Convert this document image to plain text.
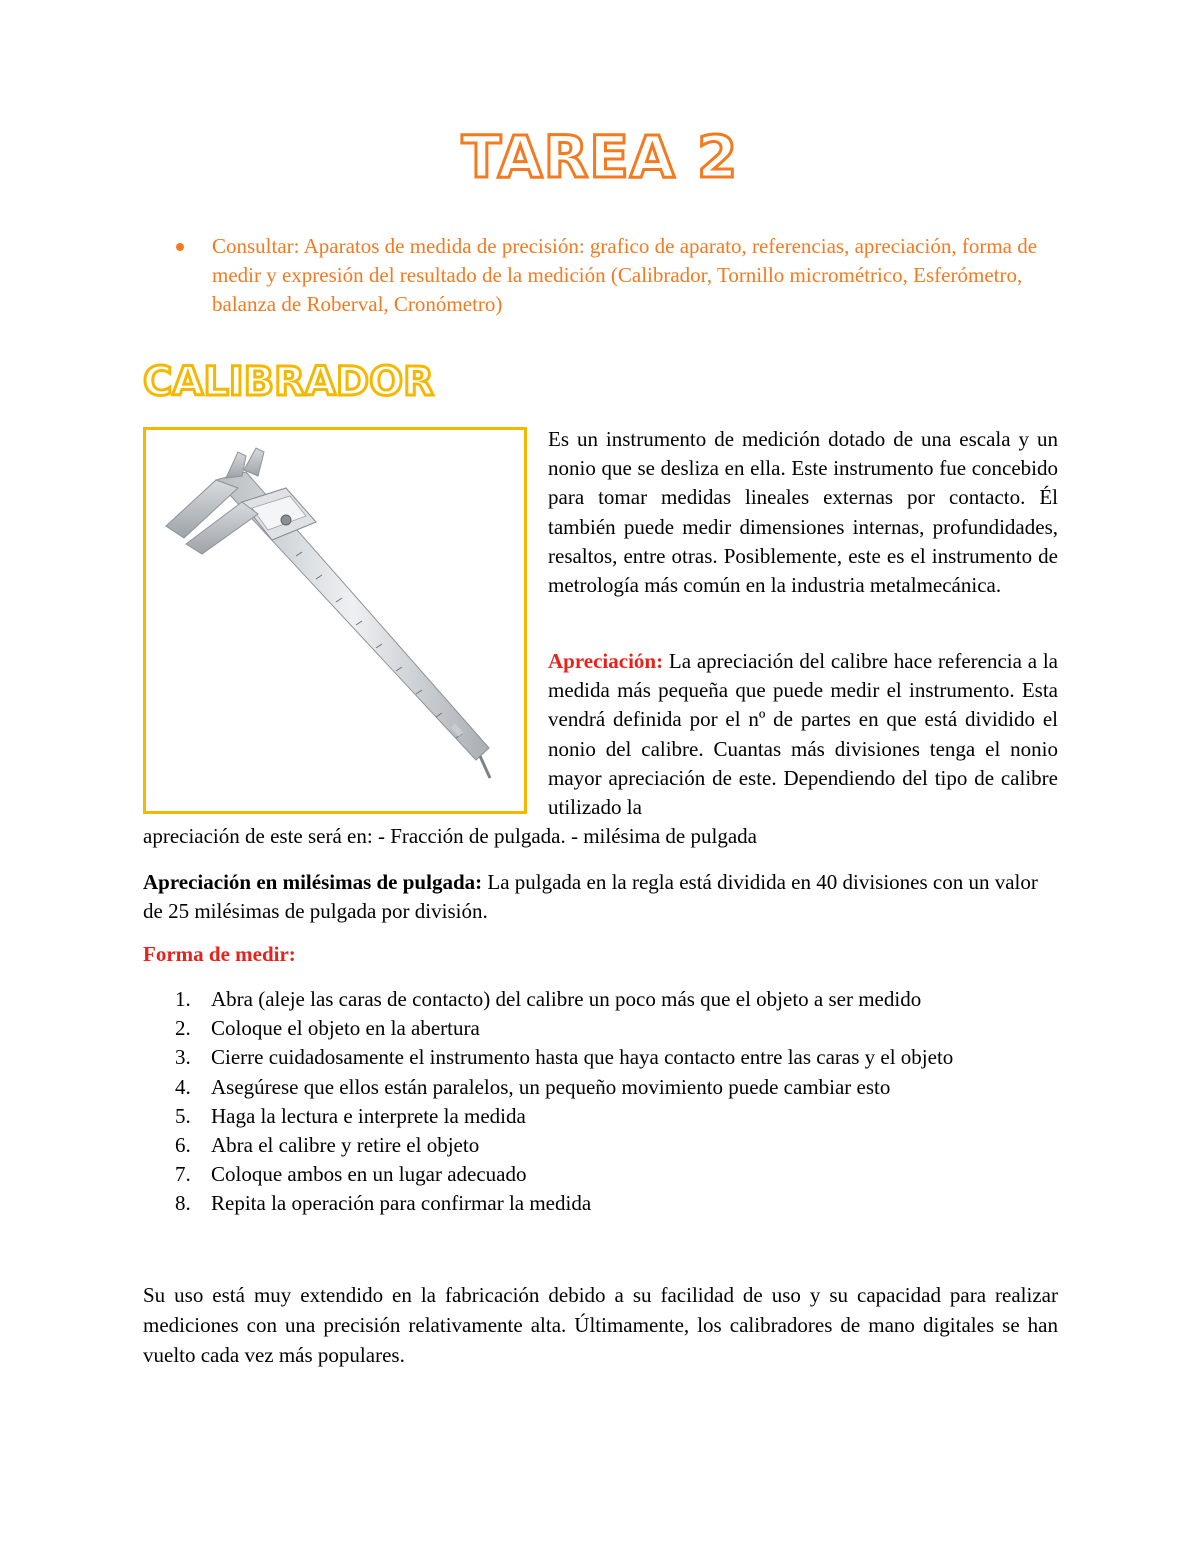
TAREA 2

Consultar: Aparatos de medida de precisión: grafico de aparato, referencias, apreciación, forma de medir y expresión del resultado de la medición (Calibrador, Tornillo micrométrico, Esferómetro, balanza de Roberval, Cronómetro)

CALIBRADOR

Es un instrumento de medición dotado de una escala y un nonio que se desliza en ella. Este instrumento fue concebido para tomar medidas lineales externas por contacto. Él también puede medir dimensiones internas, profundidades, resaltos, entre otras. Posiblemente, este es el instrumento de metrología más común en la industria metalmecánica.

Apreciación: La apreciación del calibre hace referencia a la medida más pequeña que puede medir el instrumento. Esta vendrá definida por el nº de partes en que está dividido el nonio del calibre. Cuantas más divisiones tenga el nonio mayor apreciación de este. Dependiendo del tipo de calibre utilizado la

apreciación de este será en: - Fracción de pulgada. - milésima de pulgada

Apreciación en milésimas de pulgada: La pulgada en la regla está dividida en 40 divisiones con un valor de 25 milésimas de pulgada por división.

Forma de medir:

1. Abra (aleje las caras de contacto) del calibre un poco más que el objeto a ser medido
2. Coloque el objeto en la abertura
3. Cierre cuidadosamente el instrumento hasta que haya contacto entre las caras y el objeto
4. Asegúrese que ellos están paralelos, un pequeño movimiento puede cambiar esto
5. Haga la lectura e interprete la medida
6. Abra el calibre y retire el objeto
7. Coloque ambos en un lugar adecuado
8. Repita la operación para confirmar la medida

Su uso está muy extendido en la fabricación debido a su facilidad de uso y su capacidad para realizar mediciones con una precisión relativamente alta. Últimamente, los calibradores de mano digitales se han vuelto cada vez más populares.
